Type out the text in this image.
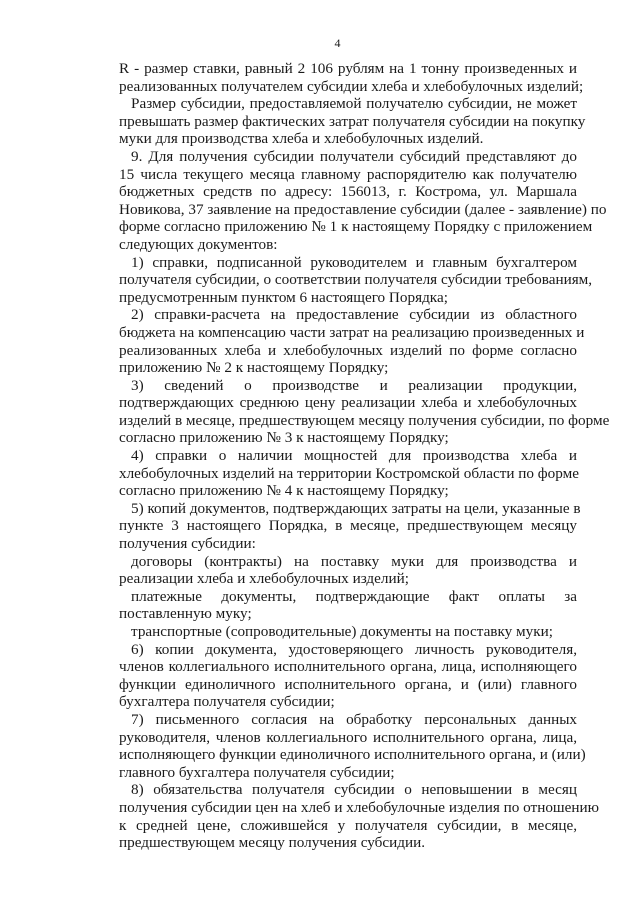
4

R - размер ставки, равный 2 106 рублям на 1 тонну произведенных и
реализованных получателем субсидии хлеба и хлебобулочных изделий;

Размер субсидии, предоставляемой получателю субсидии, не может
превышать размер фактических затрат получателя субсидии на покупку
муки для производства хлеба и хлебобулочных изделий.

9. Для получения субсидии получатели субсидий представляют до
15 числа текущего месяца главному распорядителю как получателю
бюджетных средств по адресу: 156013, г. Кострома, ул. Маршала
Новикова, 37 заявление на предоставление субсидии (далее - заявление) по
форме согласно приложению № 1 к настоящему Порядку с приложением
следующих документов:

1) справки, подписанной руководителем и главным бухгалтером
получателя субсидии, о соответствии получателя субсидии требованиям,
предусмотренным пунктом 6 настоящего Порядка;

2) справки-расчета на предоставление субсидии из областного
бюджета на компенсацию части затрат на реализацию произведенных и
реализованных хлеба и хлебобулочных изделий по форме согласно
приложению № 2 к настоящему Порядку;

3) сведений о производстве и реализации продукции,
подтверждающих среднюю цену реализации хлеба и хлебобулочных
изделий в месяце, предшествующем месяцу получения субсидии, по форме
согласно приложению № 3 к настоящему Порядку;

4) справки о наличии мощностей для производства хлеба и
хлебобулочных изделий на территории Костромской области по форме
согласно приложению № 4 к настоящему Порядку;

5) копий документов, подтверждающих затраты на цели, указанные в
пункте 3 настоящего Порядка, в месяце, предшествующем месяцу
получения субсидии:

договоры (контракты) на поставку муки для производства и
реализации хлеба и хлебобулочных изделий;

платежные документы, подтверждающие факт оплаты за
поставленную муку;

транспортные (сопроводительные) документы на поставку муки;

6) копии документа, удостоверяющего личность руководителя,
членов коллегиального исполнительного органа, лица, исполняющего
функции единоличного исполнительного органа, и (или) главного
бухгалтера получателя субсидии;

7) письменного согласия на обработку персональных данных
руководителя, членов коллегиального исполнительного органа, лица,
исполняющего функции единоличного исполнительного органа, и (или)
главного бухгалтера получателя субсидии;

8) обязательства получателя субсидии о неповышении в месяц
получения субсидии цен на хлеб и хлебобулочные изделия по отношению
к средней цене, сложившейся у получателя субсидии, в месяце,
предшествующем месяцу получения субсидии.
